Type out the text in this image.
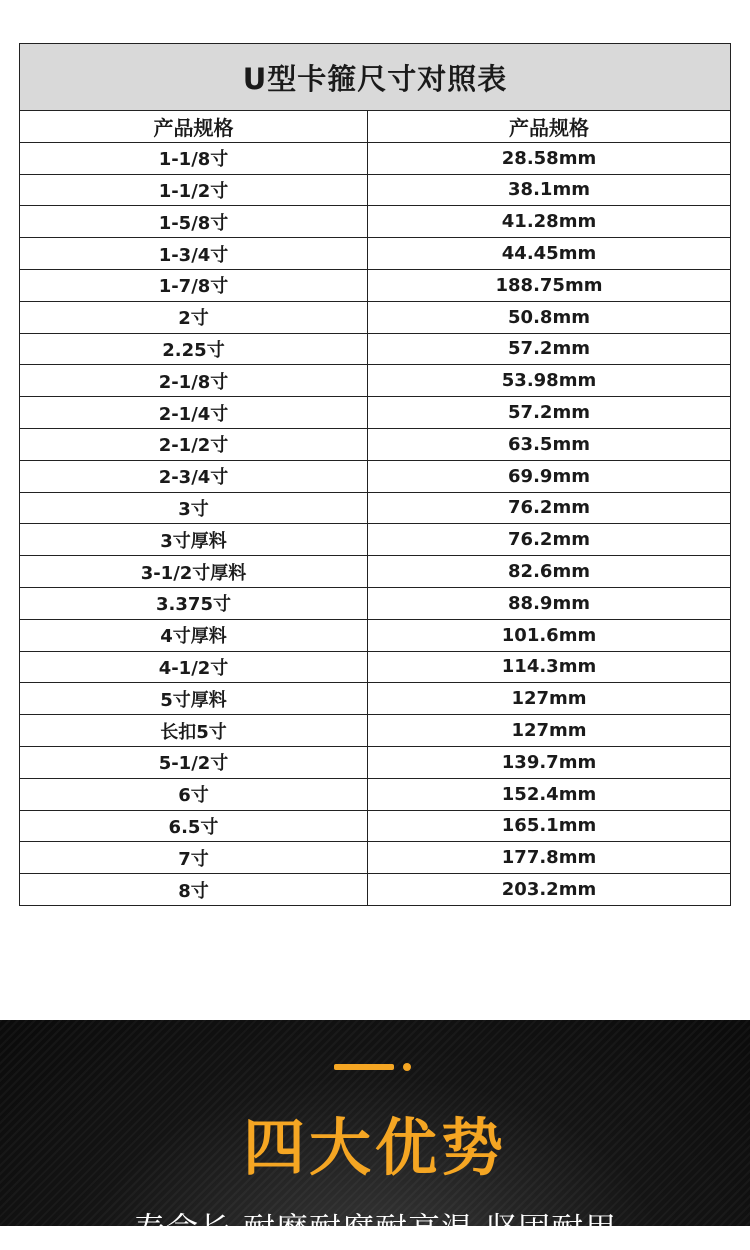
U型卡箍尺寸对照表
产品规格	产品规格
1-1/8寸	28.58mm
1-1/2寸	38.1mm
1-5/8寸	41.28mm
1-3/4寸	44.45mm
1-7/8寸	188.75mm
2寸	50.8mm
2.25寸	57.2mm
2-1/8寸	53.98mm
2-1/4寸	57.2mm
2-1/2寸	63.5mm
2-3/4寸	69.9mm
3寸	76.2mm
3寸厚料	76.2mm
3-1/2寸厚料	82.6mm
3.375寸	88.9mm
4寸厚料	101.6mm
4-1/2寸	114.3mm
5寸厚料	127mm
长扣5寸	127mm
5-1/2寸	139.7mm
6寸	152.4mm
6.5寸	165.1mm
7寸	177.8mm
8寸	203.2mm
四大优势
寿命长 耐磨耐腐耐高温 坚固耐用
